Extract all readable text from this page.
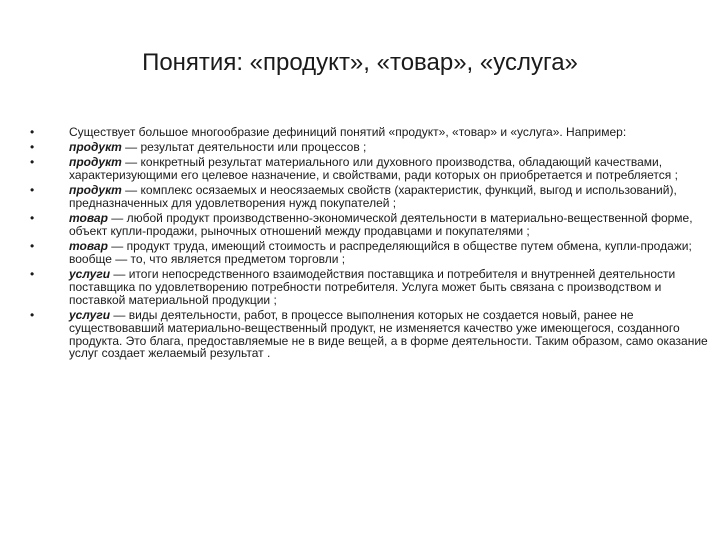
Понятия: «продукт», «товар», «услуга»
•	Существует большое многообразие дефиниций понятий «продукт», «товар» и «услуга». Например:
•	продукт — результат деятельности или процессов ;
•	продукт — конкретный результат материального или духовного производства, обладающий качествами, характеризующими его целевое назначение, и свойствами, ради которых он приобретается и потребляется ;
•	продукт — комплекс осязаемых и неосязаемых свойств (характеристик, функций, выгод и использований), предназначенных для удовлетворения нужд покупателей ;
•	товар — любой продукт производственно-экономической деятельности в материально-вещественной форме, объект купли-продажи, рыночных отношений между продавцами и покупателями ;
•	товар — продукт труда, имеющий стоимость и распределяющийся в обществе путем обмена, купли-продажи; вообще — то, что является предметом торговли ;
•	услуги — итоги непосредственного взаимодействия поставщика и потребителя и внутренней деятельности поставщика по удовлетворению потребности потребителя. Услуга может быть связана с производством и поставкой материальной продукции ;
•	услуги — виды деятельности, работ, в процессе выполнения которых не создается новый, ранее не существовавший материально-вещественный продукт, не изменяется качество уже имеющегося, созданного продукта. Это блага, предоставляемые не в виде вещей, а в форме деятельности. Таким образом, само оказание услуг создает желаемый результат .
